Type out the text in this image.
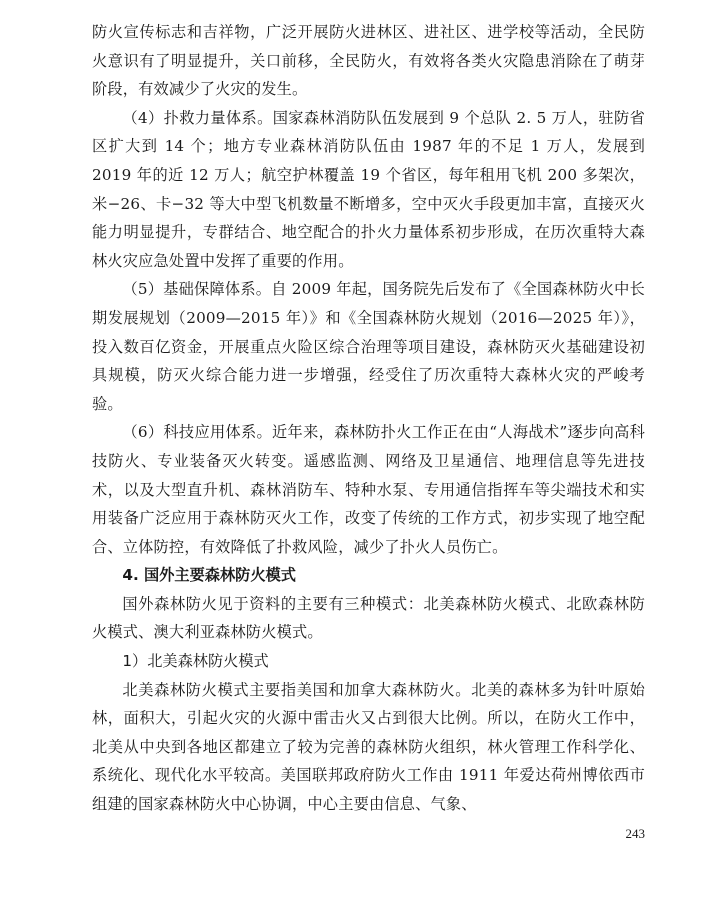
防火宣传标志和吉祥物，广泛开展防火进林区、进社区、进学校等活动，全民防火意识有了明显提升，关口前移，全民防火，有效将各类火灾隐患消除在了萌芽阶段，有效减少了火灾的发生。

（4）扑救力量体系。国家森林消防队伍发展到 9 个总队 2. 5 万人，驻防省区扩大到 14 个；地方专业森林消防队伍由 1987 年的不足 1 万人，发展到 2019 年的近 12 万人；航空护林覆盖 19 个省区，每年租用飞机 200 多架次，米−26、卡−32 等大中型飞机数量不断增多，空中灭火手段更加丰富，直接灭火能力明显提升，专群结合、地空配合的扑火力量体系初步形成，在历次重特大森林火灾应急处置中发挥了重要的作用。

（5）基础保障体系。自 2009 年起，国务院先后发布了《全国森林防火中长期发展规划（2009—2015 年）》和《全国森林防火规划（2016—2025 年）》，投入数百亿资金，开展重点火险区综合治理等项目建设，森林防灭火基础建设初具规模，防灭火综合能力进一步增强，经受住了历次重特大森林火灾的严峻考验。

（6）科技应用体系。近年来，森林防扑火工作正在由“人海战术”逐步向高科技防火、专业装备灭火转变。遥感监测、网络及卫星通信、地理信息等先进技术，以及大型直升机、森林消防车、特种水泵、专用通信指挥车等尖端技术和实用装备广泛应用于森林防灭火工作，改变了传统的工作方式，初步实现了地空配合、立体防控，有效降低了扑救风险，减少了扑火人员伤亡。

4. 国外主要森林防火模式

国外森林防火见于资料的主要有三种模式：北美森林防火模式、北欧森林防火模式、澳大利亚森林防火模式。

1）北美森林防火模式

北美森林防火模式主要指美国和加拿大森林防火。北美的森林多为针叶原始林，面积大，引起火灾的火源中雷击火又占到很大比例。所以，在防火工作中，北美从中央到各地区都建立了较为完善的森林防火组织，林火管理工作科学化、系统化、现代化水平较高。美国联邦政府防火工作由 1911 年爱达荷州博依西市组建的国家森林防火中心协调，中心主要由信息、气象、

243
